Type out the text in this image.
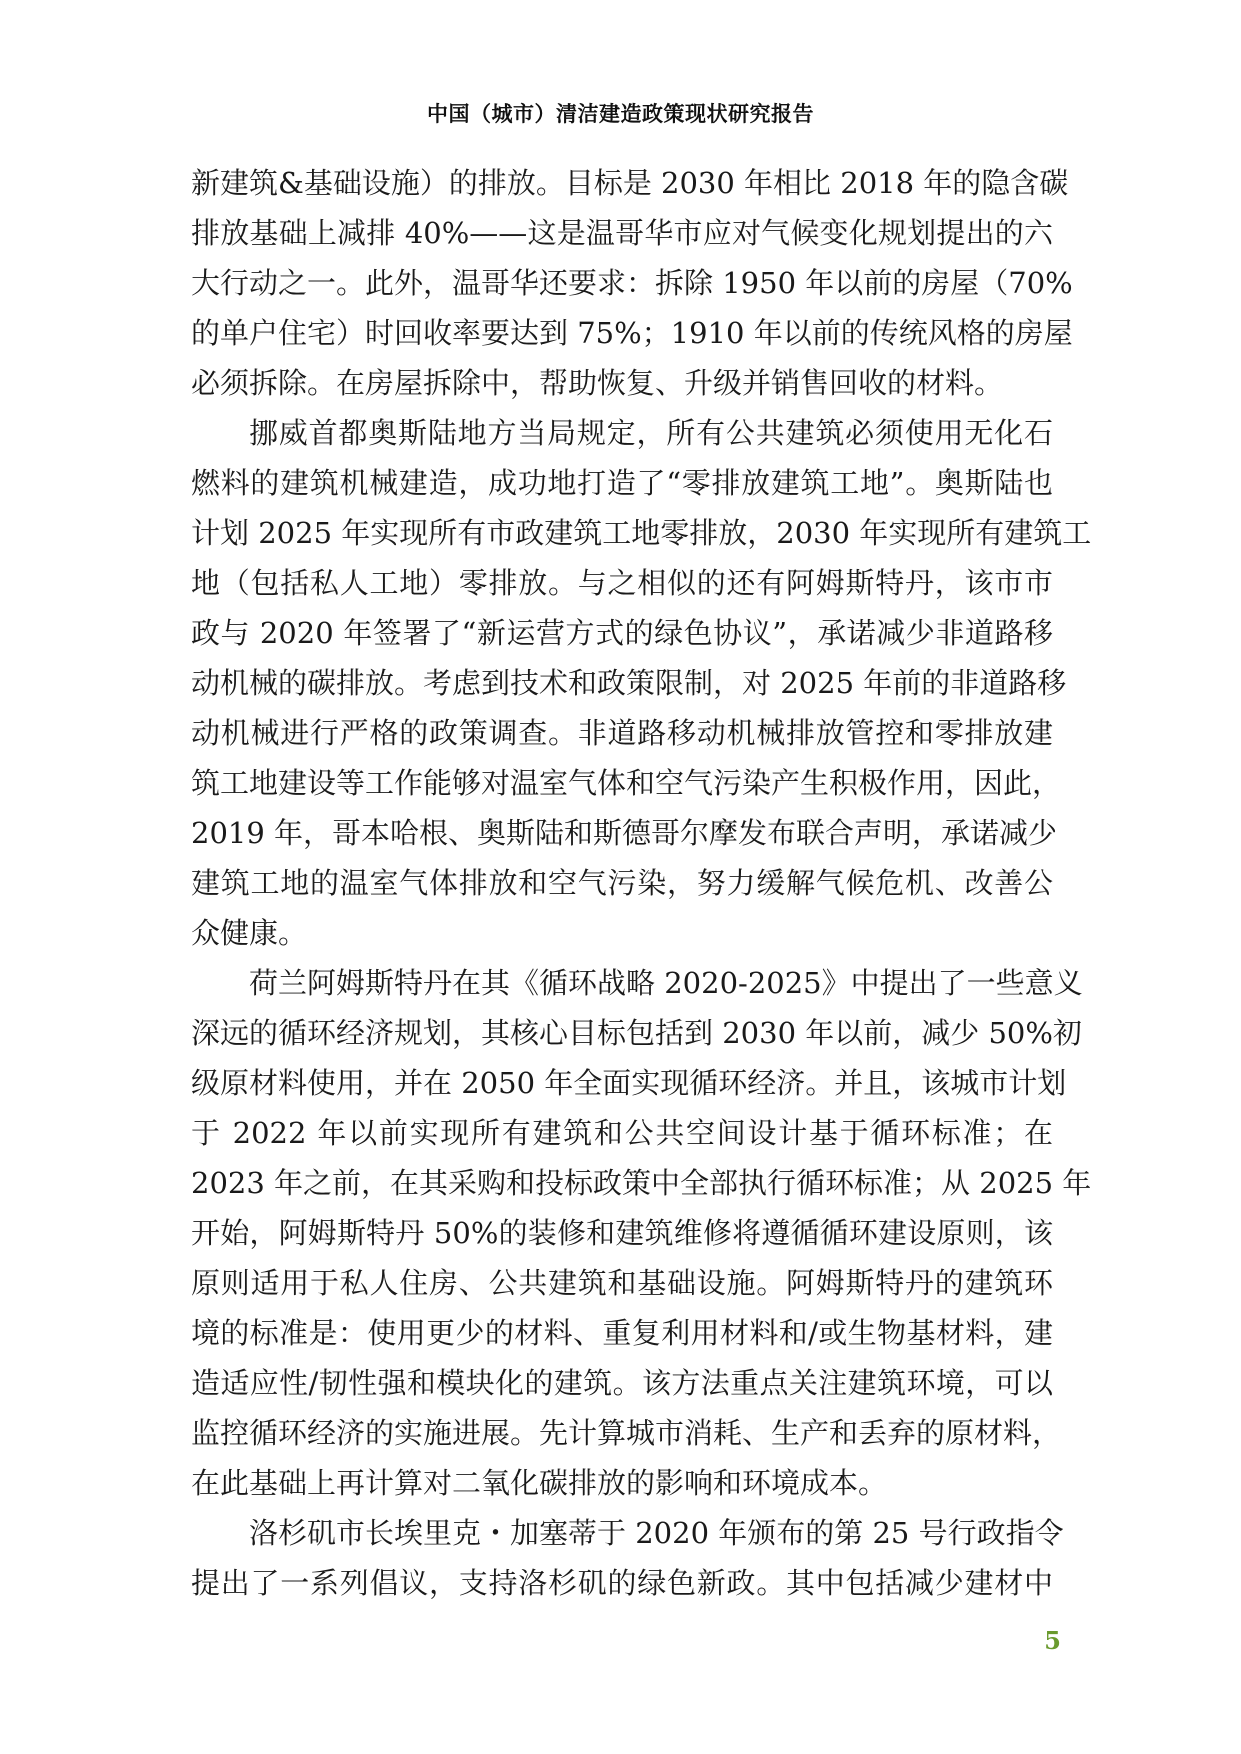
中国（城市）清洁建造政策现状研究报告

新建筑&基础设施）的排放。目标是 2030 年相比 2018 年的隐含碳
排放基础上减排 40%——这是温哥华市应对气候变化规划提出的六
大行动之一。此外，温哥华还要求：拆除 1950 年以前的房屋（70%
的单户住宅）时回收率要达到 75%；1910 年以前的传统风格的房屋
必须拆除。在房屋拆除中，帮助恢复、升级并销售回收的材料。

挪威首都奥斯陆地方当局规定，所有公共建筑必须使用无化石
燃料的建筑机械建造，成功地打造了“零排放建筑工地”。奥斯陆也
计划 2025 年实现所有市政建筑工地零排放，2030 年实现所有建筑工
地（包括私人工地）零排放。与之相似的还有阿姆斯特丹，该市市
政与 2020 年签署了“新运营方式的绿色协议”，承诺减少非道路移
动机械的碳排放。考虑到技术和政策限制，对 2025 年前的非道路移
动机械进行严格的政策调查。非道路移动机械排放管控和零排放建
筑工地建设等工作能够对温室气体和空气污染产生积极作用，因此，
2019 年，哥本哈根、奥斯陆和斯德哥尔摩发布联合声明，承诺减少
建筑工地的温室气体排放和空气污染，努力缓解气候危机、改善公
众健康。

荷兰阿姆斯特丹在其《循环战略 2020-2025》中提出了一些意义
深远的循环经济规划，其核心目标包括到 2030 年以前，减少 50%初
级原材料使用，并在 2050 年全面实现循环经济。并且，该城市计划
于 2022 年以前实现所有建筑和公共空间设计基于循环标准；在
2023 年之前，在其采购和投标政策中全部执行循环标准；从 2025 年
开始，阿姆斯特丹 50%的装修和建筑维修将遵循循环建设原则，该
原则适用于私人住房、公共建筑和基础设施。阿姆斯特丹的建筑环
境的标准是：使用更少的材料、重复利用材料和/或生物基材料，建
造适应性/韧性强和模块化的建筑。该方法重点关注建筑环境，可以
监控循环经济的实施进展。先计算城市消耗、生产和丢弃的原材料，
在此基础上再计算对二氧化碳排放的影响和环境成本。

洛杉矶市长埃里克・加塞蒂于 2020 年颁布的第 25 号行政指令
提出了一系列倡议，支持洛杉矶的绿色新政。其中包括减少建材中

5
